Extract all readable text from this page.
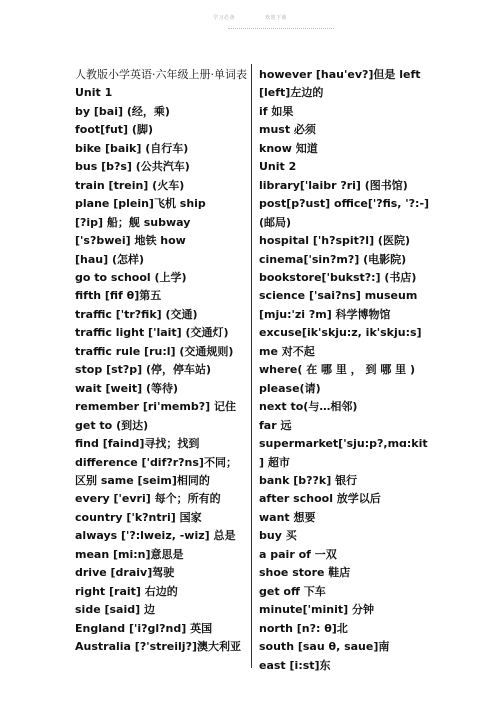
学习必备	欢迎下载
人教版小学英语·六年级上册·单词表
Unit 1
by [bai] (经，乘)
foot[fut] (脚)
bike [baik] (自行车)
bus [b?s] (公共汽车)
train [trein] (火车)
plane [plein]飞机 ship
[?ip] 船；舰 subway
['s?bwei] 地铁 how
[hau] (怎样)
go to school (上学)
fifth [fif θ]第五
traffic ['tr?fik] (交通)
traffic light ['lait] (交通灯)
traffic rule [ru:l] (交通规则)
stop [st?p] (停，停车站)
wait [weit] (等待)
remember [ri'memb?] 记住
get to (到达)
find [faind]寻找；找到
difference ['dif?r?ns]不同；区别 same [seim]相同的
every ['evri] 每个；所有的
country ['k?ntri] 国家
always ['?:lweiz, -wiz] 总是
mean [mi:n]意思是
drive [draiv]驾驶
right [rait] 右边的
side [said] 边
England ['i?gl?nd] 英国
Australia [?'streilj?]澳大利亚
however [hau'ev?]但是 left [left]左边的
if 如果
must 必须
know 知道
Unit 2
library['laibr ?ri] (图书馆)
post[p?ust] office['?fis, '?:-] (邮局)
hospital ['h?spit?l] (医院)
cinema['sin?m?] (电影院)
bookstore['bukst?:] (书店)
science ['sai?ns] museum
[mju:'zi ?m] 科学博物馆
excuse[ik'skju:z, ik'skju:s] me 对不起
where( 在 哪 里 ， 到 哪 里 )
please(请)
next to(与…相邻)
far 远
supermarket['sju:p?,mɑ:kit] 超市
bank [b??k] 银行
after school 放学以后
want 想要
buy 买
a pair of 一双
shoe store 鞋店
get off 下车
minute['minit] 分钟
north [n?: θ]北
south [sau θ, saue]南
east [i:st]东
